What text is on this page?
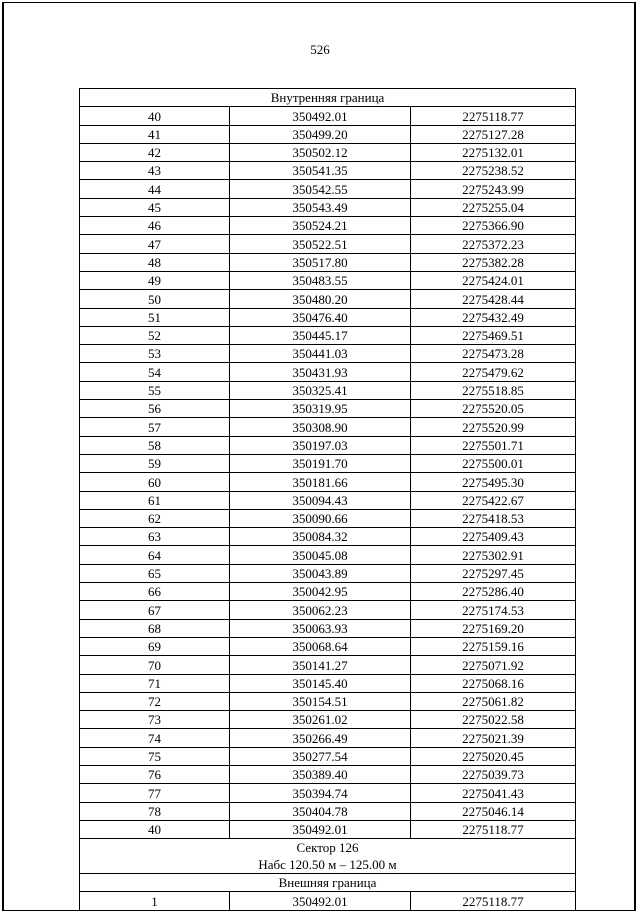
526
Внутренняя граница		
40	350492.01	2275118.77
41	350499.20	2275127.28
42	350502.12	2275132.01
43	350541.35	2275238.52
44	350542.55	2275243.99
45	350543.49	2275255.04
46	350524.21	2275366.90
47	350522.51	2275372.23
48	350517.80	2275382.28
49	350483.55	2275424.01
50	350480.20	2275428.44
51	350476.40	2275432.49
52	350445.17	2275469.51
53	350441.03	2275473.28
54	350431.93	2275479.62
55	350325.41	2275518.85
56	350319.95	2275520.05
57	350308.90	2275520.99
58	350197.03	2275501.71
59	350191.70	2275500.01
60	350181.66	2275495.30
61	350094.43	2275422.67
62	350090.66	2275418.53
63	350084.32	2275409.43
64	350045.08	2275302.91
65	350043.89	2275297.45
66	350042.95	2275286.40
67	350062.23	2275174.53
68	350063.93	2275169.20
69	350068.64	2275159.16
70	350141.27	2275071.92
71	350145.40	2275068.16
72	350154.51	2275061.82
73	350261.02	2275022.58
74	350266.49	2275021.39
75	350277.54	2275020.45
76	350389.40	2275039.73
77	350394.74	2275041.43
78	350404.78	2275046.14
40	350492.01	2275118.77
Сектор 126		
Набс 120.50 м – 125.00 м		
Внешняя граница		
1	350492.01	2275118.77
